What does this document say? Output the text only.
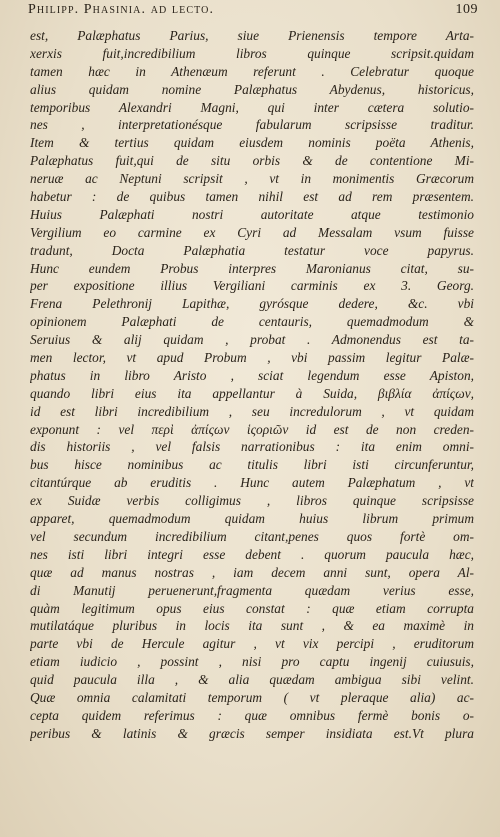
Philipp. Phasinia. ad lecto.	109
est, Palæphatus Parius, siue Prienensis tempore Arta-
xerxis fuit,incredibilium libros quinque scripsit.quidam
tamen hæc in Athenæum referunt . Celebratur quoque
alius quidam nomine Palæphatus Abydenus, historicus,
temporibus Alexandri Magni, qui inter cætera solutio-
nes , interpretationésque fabularum scripsisse traditur.
Item & tertius quidam eiusdem nominis poëta Athenis,
Palæphatus fuit,qui de situ orbis & de contentione Mi-
neruæ ac Neptuni scripsit , vt in monimentis Græcorum
habetur : de quibus tamen nihil est ad rem præsentem.
Huius Palæphati nostri autoritate atque testimonio
Vergilium eo carmine ex Cyri ad Messalam vsum fuisse
tradunt, Docta Palæphatia testatur voce papyrus.
Hunc eundem Probus interpres Maronianus citat, su-
per expositione illius Vergiliani carminis ex 3. Georg.
Frena Pelethronij Lapithæ, gyrósque dedere, &c. vbi
opinionem Palæphati de centauris, quemadmodum &
Seruius & alij quidam , probat . Admonendus est ta-
men lector, vt apud Probum , vbi passim legitur Palæ-
phatus in libro Aristo , sciat legendum esse Apiston,
quando libri eius ita appellantur à Suida, βιβλία ἀπίςων,
id est libri incredibilium , seu incredulorum , vt quidam
exponunt : vel περὶ ἀπίςων ἱςοριῶν id est de non creden-
dis historiis , vel falsis narrationibus : ita enim omni-
bus hisce nominibus ac titulis libri isti circunferuntur,
citantúrque ab eruditis . Hunc autem Palæphatum , vt
ex Suidæ verbis colligimus , libros quinque scripsisse
apparet, quemadmodum quidam huius librum primum
vel secundum incredibilium citant,penes quos fortè om-
nes isti libri integri esse debent . quorum paucula hæc,
quæ ad manus nostras , iam decem anni sunt, opera Al-
di Manutij peruenerunt,fragmenta quædam verius esse,
quàm legitimum opus eius constat : quæ etiam corrupta
mutilatáque pluribus in locis ita sunt , & ea maximè in
parte vbi de Hercule agitur , vt vix percipi , eruditorum
etiam iudicio , possint , nisi pro captu ingenij cuiusuis,
quid paucula illa , & alia quædam ambigua sibi velint.
Quæ omnia calamitati temporum ( vt pleraque alia) ac-
cepta quidem referimus : quæ omnibus fermè bonis o-
peribus & latinis & græcis semper insidiata est.Vt plura
